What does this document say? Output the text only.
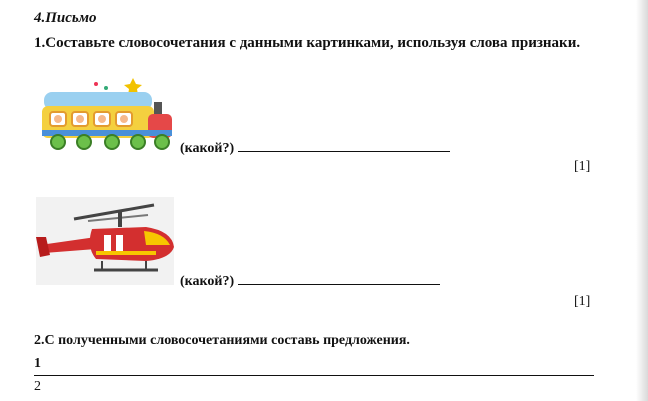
4.Письмо
1.Составьте словосочетания с данными картинками, используя слова признаки.
(какой?)
[1]
(какой?)
[1]
2.С полученными словосочетаниями составь предложения.
1
2
